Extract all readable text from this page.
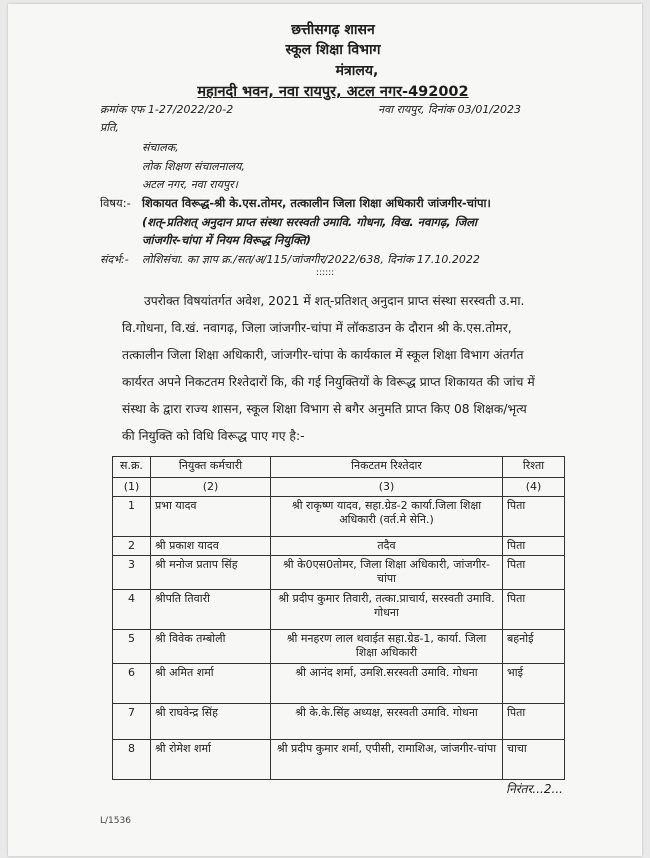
छत्तीसगढ़ शासन
स्कूल शिक्षा विभाग
मंत्रालय,
महानदी भवन, नवा रायपुर, अटल नगर-492002
क्रमांक एफ 1-27/2022/20-2	नवा रायपुर, दिनांक 03/01/2023
प्रति,
संचालक,
लोक शिक्षण संचालनालय,
अटल नगर, नवा रायपुर।
विषय:- शिकायत विरूद्ध-श्री के.एस.तोमर, तत्कालीन जिला शिक्षा अधिकारी जांजगीर-चांपा।
(शत्-प्रतिशत् अनुदान प्राप्त संस्था सरस्वती उमावि. गोधना, विख. नवागढ़, जिला
जांजगीर-चांपा में नियम विरूद्ध नियुक्ति)
संदर्भ:- लोशिसंचा. का ज्ञाप क्र./सत/अ/115/जांजगीर/2022/638, दिनांक 17.10.2022
::::::
उपरोक्त विषयांतर्गत अवेश, 2021 में शत्-प्रतिशत् अनुदान प्राप्त संस्था सरस्वती उ.मा.
वि.गोधना, वि.खं. नवागढ़, जिला जांजगीर-चांपा में लॉकडाउन के दौरान श्री के.एस.तोमर,
तत्कालीन जिला शिक्षा अधिकारी, जांजगीर-चांपा के कार्यकाल में स्कूल शिक्षा विभाग अंतर्गत
कार्यरत अपने निकटतम रिश्तेदारों कि, की गई नियुक्तियों के विरूद्ध प्राप्त शिकायत की जांच में
संस्था के द्वारा राज्य शासन, स्कूल शिक्षा विभाग से बगैर अनुमति प्राप्त किए 08 शिक्षक/भृत्य
की नियुक्ति को विधि विरूद्ध पाए गए है:-
स.क्र.	नियुक्त कर्मचारी	निकटतम रिश्तेदार	रिश्ता
(1)	(2)	(3)	(4)
1	प्रभा यादव	श्री राकृष्ण यादव, सहा.ग्रेड-2 कार्या.जिला शिक्षा अधिकारी (वर्त.मे सेनि.)	पिता
2	श्री प्रकाश यादव	तदैव	पिता
3	श्री मनोज प्रताप सिंह	श्री के0एस0तोमर, जिला शिक्षा अधिकारी, जांजगीर-चांपा	पिता
4	श्रीपति तिवारी	श्री प्रदीप कुमार तिवारी, तत्का.प्राचार्य, सरस्वती उमावि. गोधना	पिता
5	श्री विवेक तम्बोली	श्री मनहरण लाल थवाईत सहा.ग्रेड-1, कार्या. जिला शिक्षा अधिकारी	बहनोई
6	श्री अमित शर्मा	श्री आनंद शर्मा, उमशि.सरस्वती उमावि. गोधना	भाई
7	श्री राघवेन्द्र सिंह	श्री के.के.सिंह अध्यक्ष, सरस्वती उमावि. गोधना	पिता
8	श्री रोमेश शर्मा	श्री प्रदीप कुमार शर्मा, एपीसी, रामाशिअ, जांजगीर-चांपा	चाचा
निरंतर...2...
L/1536
